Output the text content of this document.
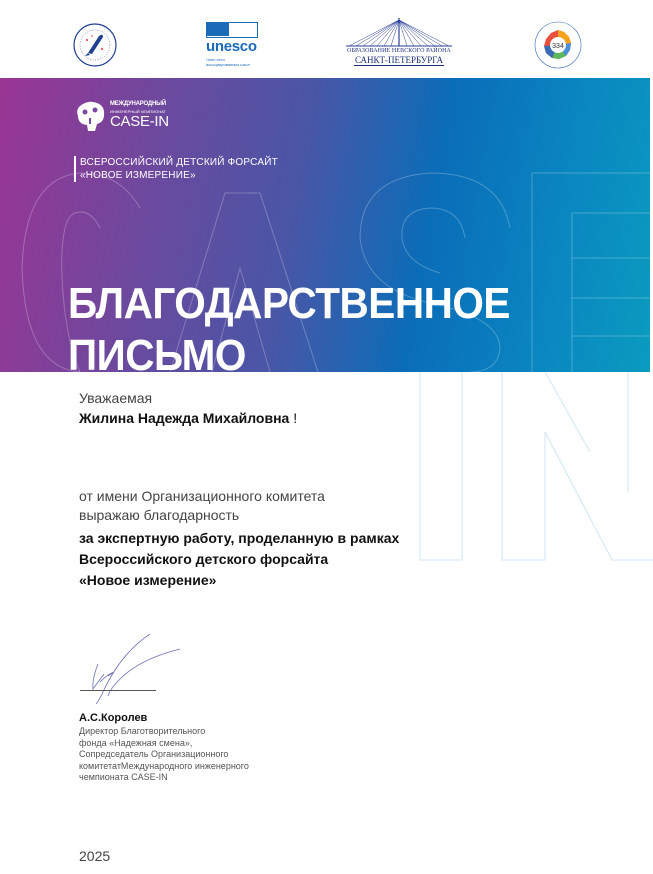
unesco
Член сети ассоциированных школ
ОБРАЗОВАНИЕ НЕВСКОГО РАЙОНА
САНКТ-ПЕТЕРБУРГА
334
МЕЖДУНАРОДНЫЙ
ИНЖЕНЕРНЫЙ ЧЕМПИОНАТ
CASE-IN
ВСЕРОССИЙСКИЙ ДЕТСКИЙ ФОРСАЙТ
«НОВОЕ ИЗМЕРЕНИЕ»
БЛАГОДАРСТВЕННОЕ
ПИСЬМО
Уважаемая
Жилина Надежда Михайловна !
от имени Организационного комитета
выражаю благодарность
за экспертную работу, проделанную в рамках
Всероссийского детского форсайта
«Новое измерение»
А.С.Королев
Директор Благотворительного
фонда «Надежная смена»,
Сопредседатель Организационного
комитетатМеждународного инженерного
чемпионата CASE-IN
2025
